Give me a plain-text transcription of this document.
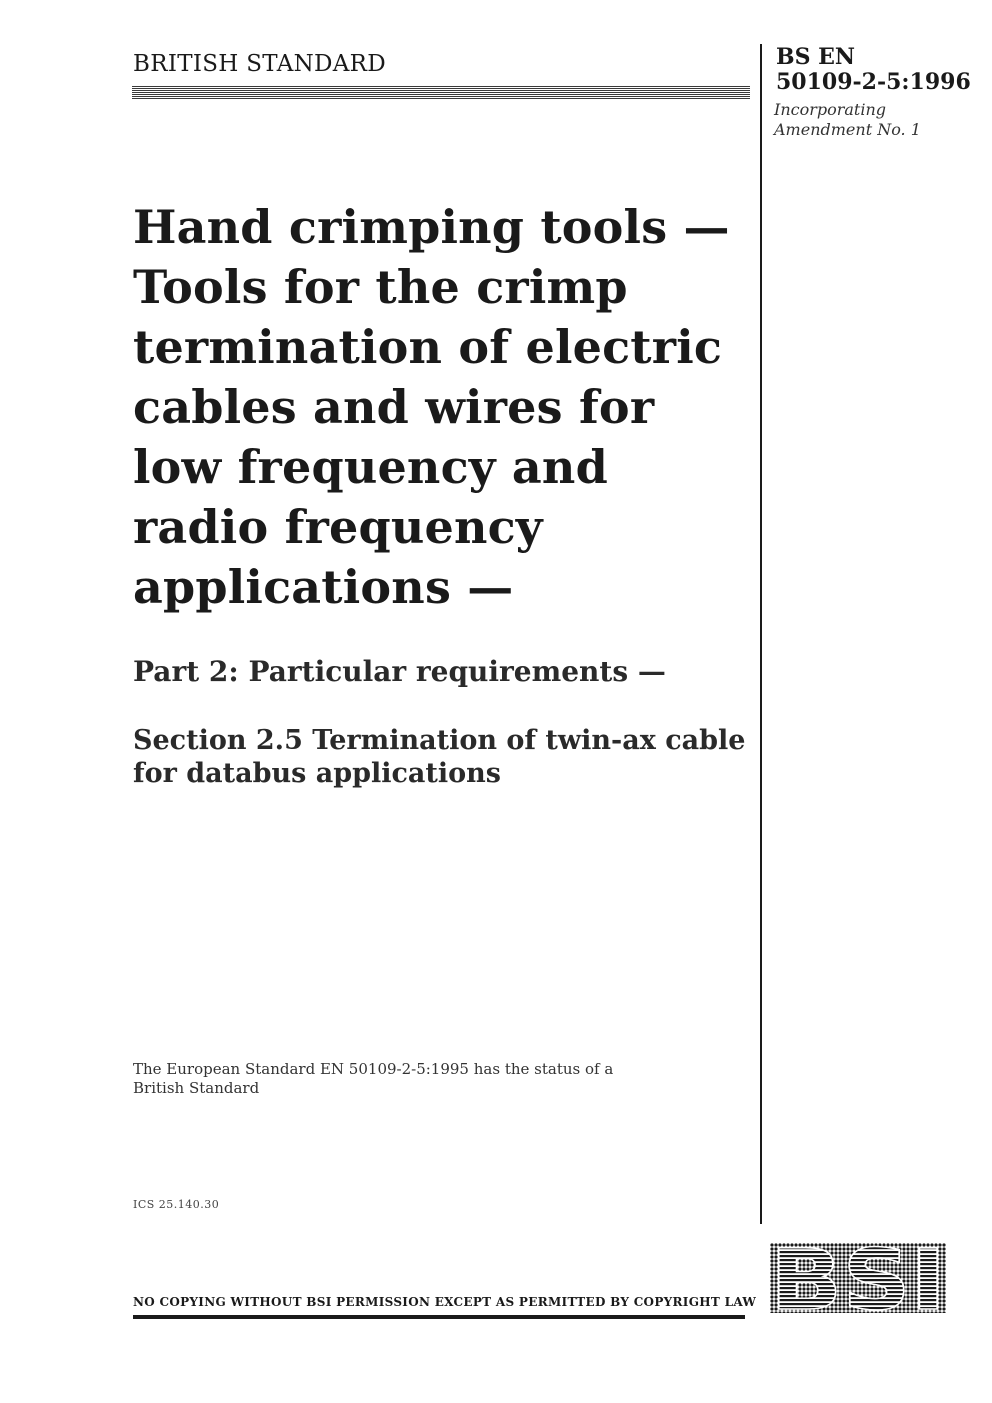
BRITISH STANDARD	BS EN
50109-2-5:1996
Incorporating
Amendment No. 1
Hand crimping tools — Tools for the crimp termination of electric cables and wires for low frequency and radio frequency applications —
Part 2: Particular requirements —
Section 2.5 Termination of twin-ax cable for databus applications
The European Standard EN 50109-2-5:1995 has the status of a
British Standard
ICS 25.140.30
NO COPYING WITHOUT BSI PERMISSION EXCEPT AS PERMITTED BY COPYRIGHT LAW BSI
